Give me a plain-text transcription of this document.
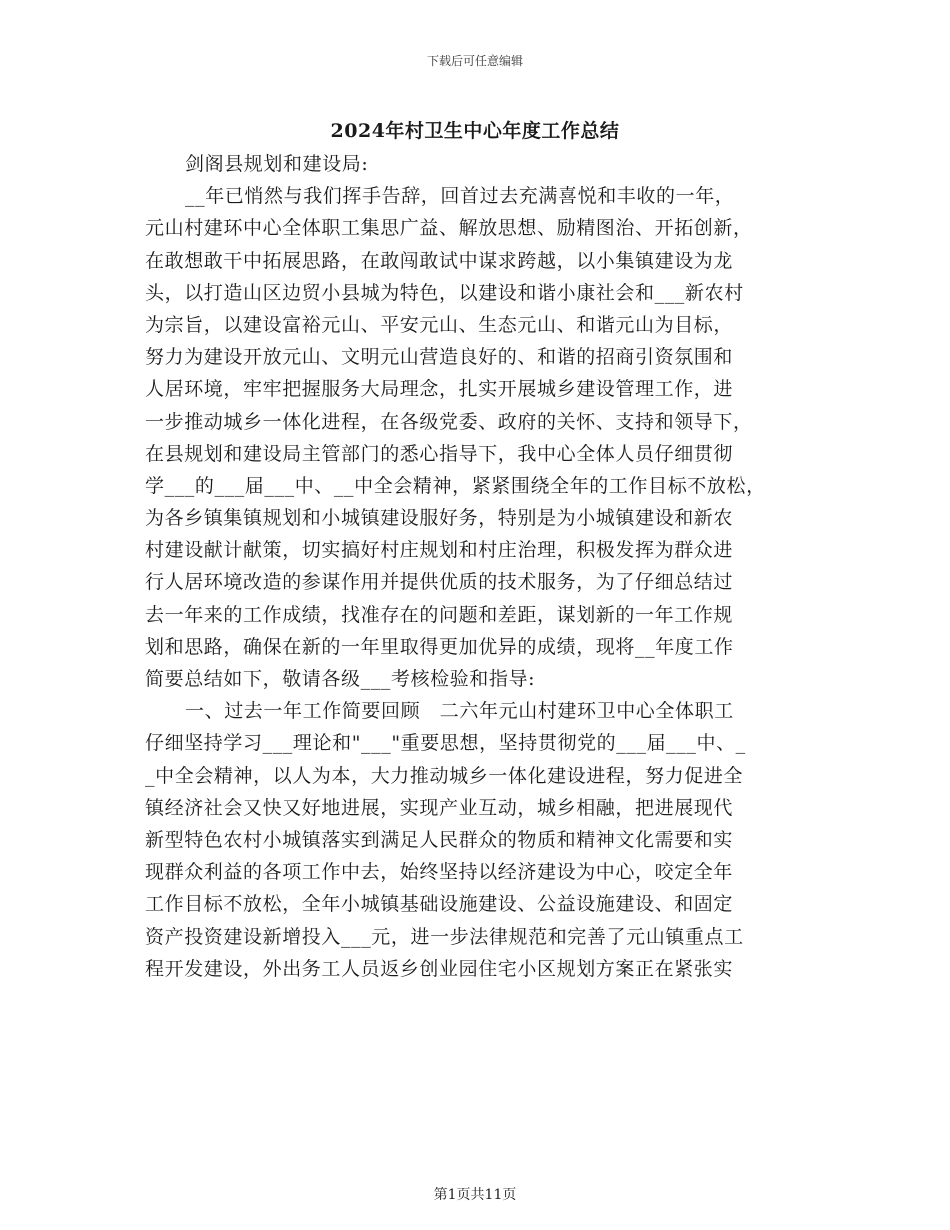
下载后可任意编辑
2024年村卫生中心年度工作总结
剑阁县规划和建设局:
__年已悄然与我们挥手告辞，回首过去充满喜悦和丰收的一年，
元山村建环中心全体职工集思广益、解放思想、励精图治、开拓创新，
在敢想敢干中拓展思路，在敢闯敢试中谋求跨越，以小集镇建设为龙
头，以打造山区边贸小县城为特色，以建设和谐小康社会和___新农村
为宗旨，以建设富裕元山、平安元山、生态元山、和谐元山为目标，
努力为建设开放元山、文明元山营造良好的、和谐的招商引资氛围和
人居环境，牢牢把握服务大局理念，扎实开展城乡建设管理工作，进
一步推动城乡一体化进程，在各级党委、政府的关怀、支持和领导下，
在县规划和建设局主管部门的悉心指导下，我中心全体人员仔细贯彻
学___的___届___中、__中全会精神，紧紧围绕全年的工作目标不放松，
为各乡镇集镇规划和小城镇建设服好务，特别是为小城镇建设和新农
村建设献计献策，切实搞好村庄规划和村庄治理，积极发挥为群众进
行人居环境改造的参谋作用并提供优质的技术服务，为了仔细总结过
去一年来的工作成绩，找准存在的问题和差距，谋划新的一年工作规
划和思路，确保在新的一年里取得更加优异的成绩，现将__年度工作
简要总结如下，敬请各级___考核检验和指导:
一、过去一年工作简要回顾　二六年元山村建环卫中心全体职工
仔细坚持学习___理论和"___"重要思想，坚持贯彻党的___届___中、_
_中全会精神，以人为本，大力推动城乡一体化建设进程，努力促进全
镇经济社会又快又好地进展，实现产业互动，城乡相融，把进展现代
新型特色农村小城镇落实到满足人民群众的物质和精神文化需要和实
现群众利益的各项工作中去，始终坚持以经济建设为中心，咬定全年
工作目标不放松，全年小城镇基础设施建设、公益设施建设、和固定
资产投资建设新增投入___元，进一步法律规范和完善了元山镇重点工
程开发建设，外出务工人员返乡创业园住宅小区规划方案正在紧张实
第1页共11页
